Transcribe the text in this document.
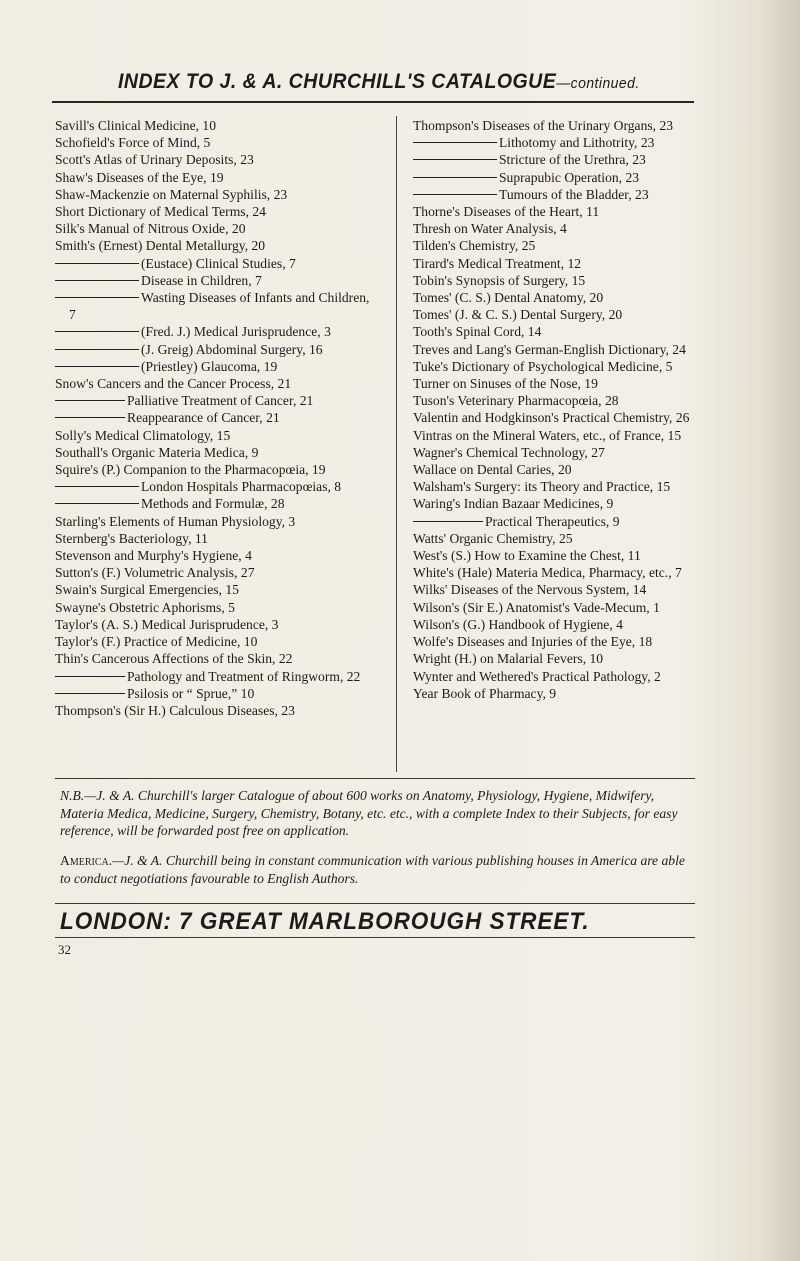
INDEX TO J. & A. CHURCHILL'S CATALOGUE—continued.
Savill's Clinical Medicine, 10
Schofield's Force of Mind, 5
Scott's Atlas of Urinary Deposits, 23
Shaw's Diseases of the Eye, 19
Shaw-Mackenzie on Maternal Syphilis, 23
Short Dictionary of Medical Terms, 24
Silk's Manual of Nitrous Oxide, 20
Smith's (Ernest) Dental Metallurgy, 20
(Eustace) Clinical Studies, 7
Disease in Children, 7
Wasting Diseases of Infants and Children, 7
(Fred. J.) Medical Jurisprudence, 3
(J. Greig) Abdominal Surgery, 16
(Priestley) Glaucoma, 19
Snow's Cancers and the Cancer Process, 21
Palliative Treatment of Cancer, 21
Reappearance of Cancer, 21
Solly's Medical Climatology, 15
Southall's Organic Materia Medica, 9
Squire's (P.) Companion to the Pharmacopœia, 19
London Hospitals Pharmacopœias, 8
Methods and Formulæ, 28
Starling's Elements of Human Physiology, 3
Sternberg's Bacteriology, 11
Stevenson and Murphy's Hygiene, 4
Sutton's (F.) Volumetric Analysis, 27
Swain's Surgical Emergencies, 15
Swayne's Obstetric Aphorisms, 5
Taylor's (A. S.) Medical Jurisprudence, 3
Taylor's (F.) Practice of Medicine, 10
Thin's Cancerous Affections of the Skin, 22
Pathology and Treatment of Ringworm, 22
Psilosis or “ Sprue,” 10
Thompson's (Sir H.) Calculous Diseases, 23
Thompson's Diseases of the Urinary Organs, 23
Lithotomy and Lithotrity, 23
Stricture of the Urethra, 23
Suprapubic Operation, 23
Tumours of the Bladder, 23
Thorne's Diseases of the Heart, 11
Thresh on Water Analysis, 4
Tilden's Chemistry, 25
Tirard's Medical Treatment, 12
Tobin's Synopsis of Surgery, 15
Tomes' (C. S.) Dental Anatomy, 20
Tomes' (J. & C. S.) Dental Surgery, 20
Tooth's Spinal Cord, 14
Treves and Lang's German-English Dictionary, 24
Tuke's Dictionary of Psychological Medicine, 5
Turner on Sinuses of the Nose, 19
Tuson's Veterinary Pharmacopœia, 28
Valentin and Hodgkinson's Practical Chemistry, 26
Vintras on the Mineral Waters, etc., of France, 15
Wagner's Chemical Technology, 27
Wallace on Dental Caries, 20
Walsham's Surgery: its Theory and Practice, 15
Waring's Indian Bazaar Medicines, 9
Practical Therapeutics, 9
Watts' Organic Chemistry, 25
West's (S.) How to Examine the Chest, 11
White's (Hale) Materia Medica, Pharmacy, etc., 7
Wilks' Diseases of the Nervous System, 14
Wilson's (Sir E.) Anatomist's Vade-Mecum, 1
Wilson's (G.) Handbook of Hygiene, 4
Wolfe's Diseases and Injuries of the Eye, 18
Wright (H.) on Malarial Fevers, 10
Wynter and Wethered's Practical Pathology, 2
Year Book of Pharmacy, 9
N.B.—J. & A. Churchill's larger Catalogue of about 600 works on Anatomy, Physiology, Hygiene, Midwifery, Materia Medica, Medicine, Surgery, Chemistry, Botany, etc. etc., with a complete Index to their Subjects, for easy reference, will be forwarded post free on application.
America.—J. & A. Churchill being in constant communication with various publishing houses in America are able to conduct negotiations favourable to English Authors.
LONDON: 7 GREAT MARLBOROUGH STREET.
32
